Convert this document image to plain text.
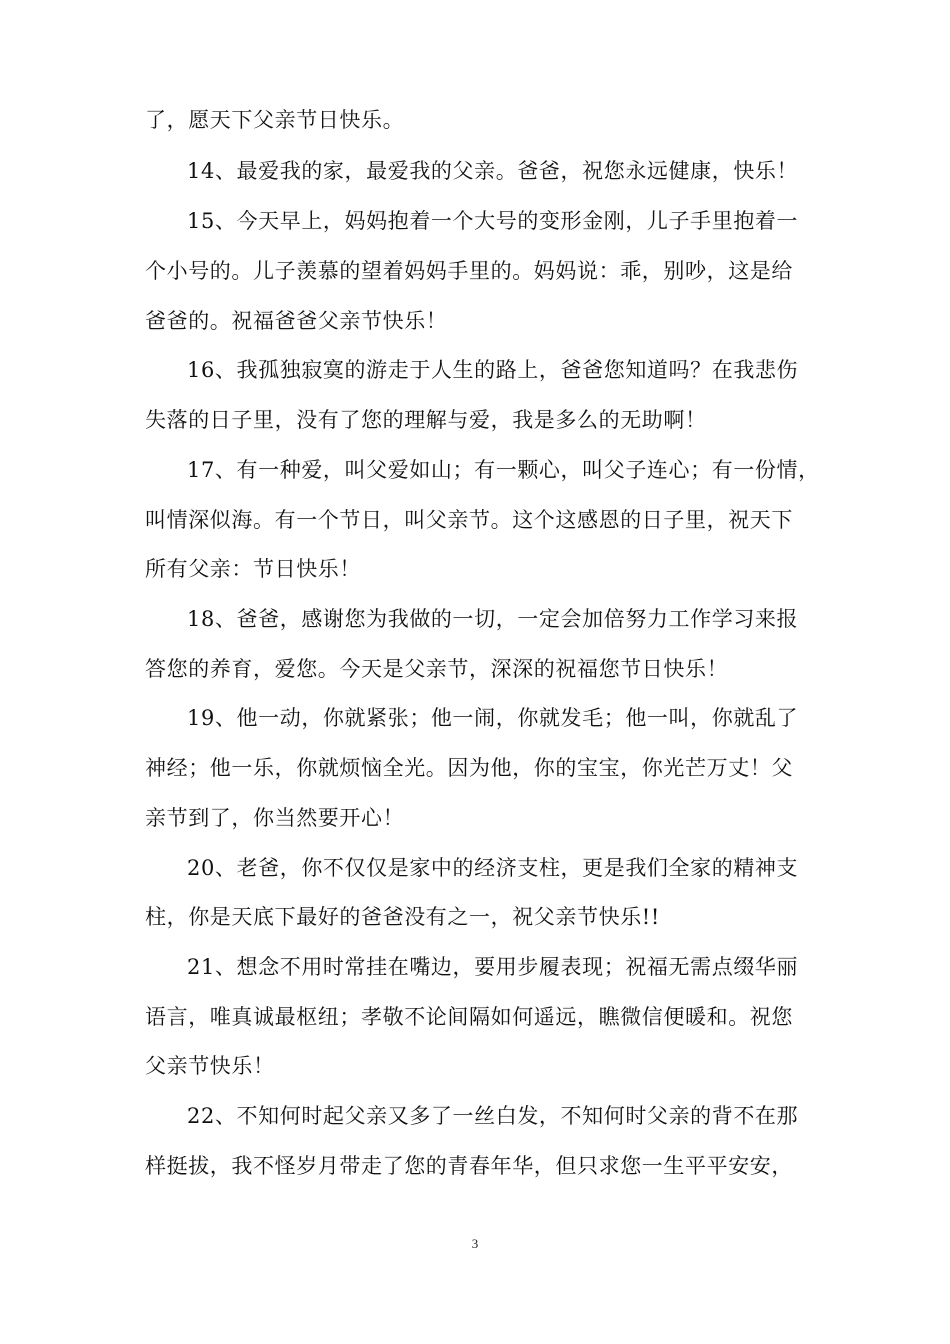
了，愿天下父亲节日快乐。
14、最爱我的家，最爱我的父亲。爸爸，祝您永远健康，快乐！
15、今天早上，妈妈抱着一个大号的变形金刚，儿子手里抱着一
个小号的。儿子羡慕的望着妈妈手里的。妈妈说：乖，别吵，这是给
爸爸的。祝福爸爸父亲节快乐！
16、我孤独寂寞的游走于人生的路上，爸爸您知道吗？在我悲伤
失落的日子里，没有了您的理解与爱，我是多么的无助啊！
17、有一种爱，叫父爱如山；有一颗心，叫父子连心；有一份情，
叫情深似海。有一个节日，叫父亲节。这个这感恩的日子里，祝天下
所有父亲：节日快乐！
18、爸爸，感谢您为我做的一切，一定会加倍努力工作学习来报
答您的养育，爱您。今天是父亲节，深深的祝福您节日快乐！
19、他一动，你就紧张；他一闹，你就发毛；他一叫，你就乱了
神经；他一乐，你就烦恼全光。因为他，你的宝宝，你光芒万丈！父
亲节到了，你当然要开心！
20、老爸，你不仅仅是家中的经济支柱，更是我们全家的精神支
柱，你是天底下最好的爸爸没有之一，祝父亲节快乐!!
21、想念不用时常挂在嘴边，要用步履表现；祝福无需点缀华丽
语言，唯真诚最枢纽；孝敬不论间隔如何遥远，瞧微信便暖和。祝您
父亲节快乐！
22、不知何时起父亲又多了一丝白发，不知何时父亲的背不在那
样挺拔，我不怪岁月带走了您的青春年华，但只求您一生平平安安，
3
